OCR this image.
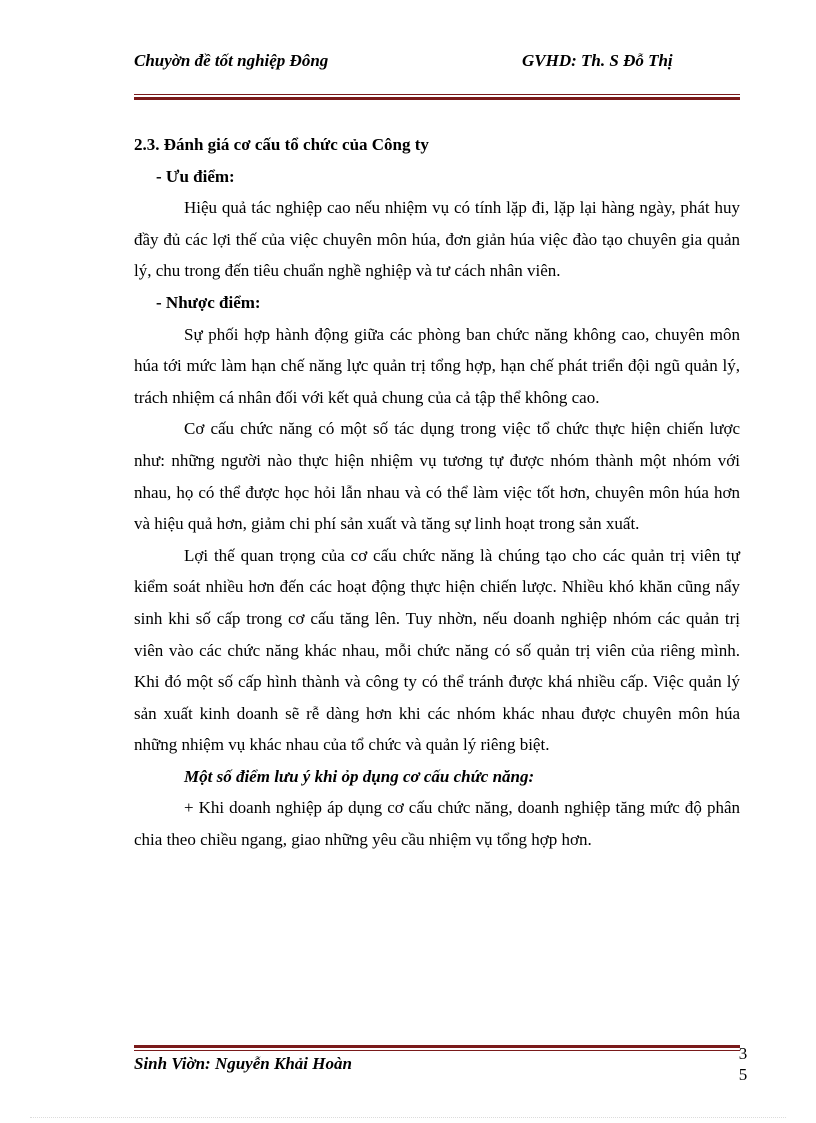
Chuyờn đề tốt nghiệp Đông	GVHD: Th. S Đỗ Thị

2.3. Đánh giá cơ cấu tổ chức của Công ty

- Ưu điểm:

Hiệu quả tác nghiệp cao nếu nhiệm vụ có tính lặp đi, lặp lại hàng ngày, phát huy đầy đủ các lợi thế của việc chuyên môn húa, đơn giản húa việc đào tạo chuyên gia quản lý, chu trong đến tiêu chuẩn nghề nghiệp và tư cách nhân viên.

- Nhược điểm:

Sự phối hợp hành động giữa các phòng ban chức năng không cao, chuyên môn húa tới mức làm hạn chế năng lực quản trị tổng hợp, hạn chế phát triển đội ngũ quản lý, trách nhiệm cá nhân đối với kết quả chung của cả tập thể không cao.

Cơ cấu chức năng có một số tác dụng trong việc tổ chức thực hiện chiến lược như: những người nào thực hiện nhiệm vụ tương tự được nhóm thành một nhóm với nhau, họ có thể được học hỏi lẫn nhau và có thể làm việc tốt hơn, chuyên môn húa hơn và hiệu quả hơn, giảm chi phí sản xuất và tăng sự linh hoạt trong sản xuất.

Lợi thế quan trọng của cơ cấu chức năng là chúng tạo cho các quản trị viên tự kiểm soát nhiều hơn đến các hoạt động thực hiện chiến lược. Nhiều khó khăn cũng nẩy sinh khi số cấp trong cơ cấu tăng lên. Tuy nhờn, nếu doanh nghiệp nhóm các quản trị viên vào các chức năng khác nhau, mỗi chức năng có số quản trị viên của riêng mình. Khi đó một số cấp hình thành và công ty có thể tránh được khá nhiều cấp. Việc quản lý sản xuất kinh doanh sẽ rễ dàng hơn khi các nhóm khác nhau được chuyên môn húa những nhiệm vụ khác nhau của tổ chức và quản lý riêng biệt.

Một số điểm lưu ý khi ỏp dụng cơ cấu chức năng:

+ Khi doanh nghiệp áp dụng cơ cấu chức năng, doanh nghiệp tăng mức độ phân chia theo chiều ngang, giao những yêu cầu nhiệm vụ tổng hợp hơn.

Sinh Viờn: Nguyễn Khải Hoàn
3
5
